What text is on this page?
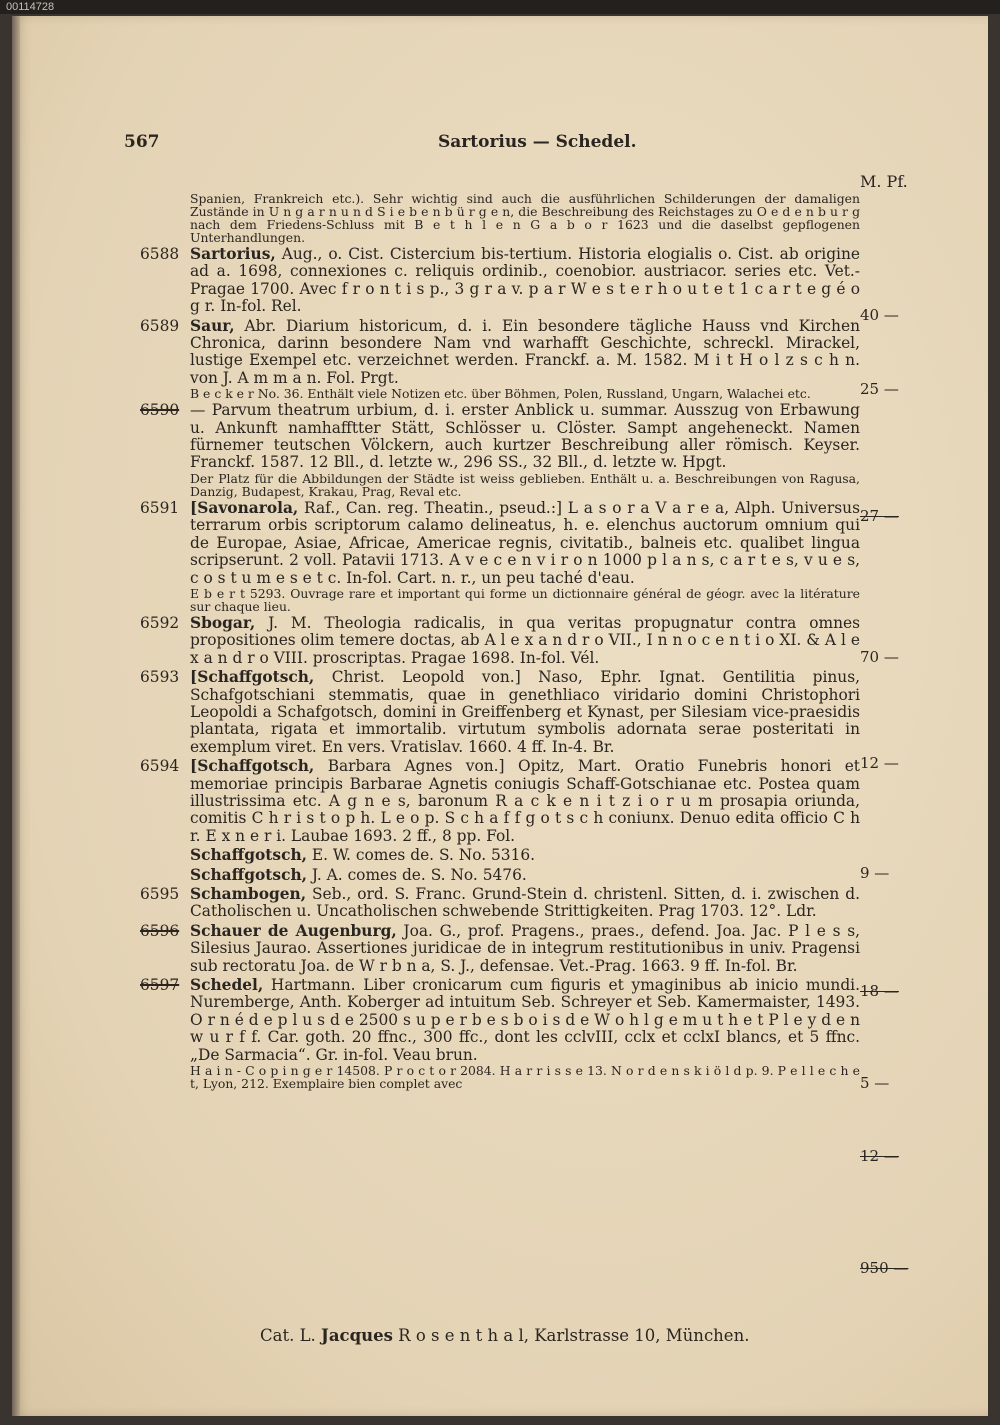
00114728
567	Sartorius — Schedel.
M. Pf.
Spanien, Frankreich etc.). Sehr wichtig sind auch die ausführlichen Schilderungen der damaligen Zustände in U n g a r n u n d S i e b e n b ü r g e n, die Beschreibung des Reichstages zu O e d e n b u r g nach dem Friedens-Schluss mit B e t h l e n G a b o r 1623 und die daselbst gepflogenen Unterhandlungen.
6588 Sartorius, Aug., o. Cist. Cistercium bis-tertium. Historia elogialis o. Cist. ab origine ad a. 1698, connexiones c. reliquis ordinib., coenobior. austriacor. series etc. Vet.-Pragae 1700. Avec f r o n t i s p., 3 g r a v. p a r W e s t e r h o u t e t 1 c a r t e g é o g r. In-fol. Rel.
6589 Saur, Abr. Diarium historicum, d. i. Ein besondere tägliche Hauss vnd Kirchen Chronica, darinn besondere Nam vnd warhafft Geschichte, schreckl. Mirackel, lustige Exempel etc. verzeichnet werden. Franckf. a. M. 1582. M i t H o l z s c h n. von J. A m m a n. Fol. Prgt.
B e c k e r No. 36. Enthält viele Notizen etc. über Böhmen, Polen, Russland, Ungarn, Walachei etc.
6590 — Parvum theatrum urbium, d. i. erster Anblick u. summar. Ausszug von Erbawung u. Ankunft namhafftter Stätt, Schlösser u. Clöster. Sampt angeheneckt. Namen fürnemer teutschen Völckern, auch kurtzer Beschreibung aller römisch. Keyser. Franckf. 1587. 12 Bll., d. letzte w., 296 SS., 32 Bll., d. letzte w. Hpgt.
Der Platz für die Abbildungen der Städte ist weiss geblieben. Enthält u. a. Beschreibungen von Ragusa, Danzig, Budapest, Krakau, Prag, Reval etc.
6591 [Savonarola, Raf., Can. reg. Theatin., pseud.:] L a s o r a V a r e a, Alph. Universus terrarum orbis scriptorum calamo delineatus, h. e. elenchus auctorum omnium qui de Europae, Asiae, Africae, Americae regnis, civitatib., balneis etc. qualibet lingua scripserunt. 2 voll. Patavii 1713. A v e c e n v i r o n 1000 p l a n s, c a r t e s, v u e s, c o s t u m e s e t c. In-fol. Cart. n. r., un peu taché d'eau.
E b e r t 5293. Ouvrage rare et important qui forme un dictionnaire général de géogr. avec la litérature sur chaque lieu.
6592 Sbogar, J. M. Theologia radicalis, in qua veritas propugnatur contra omnes propositiones olim temere doctas, ab A l e x a n d r o VII., I n n o c e n t i o XI. & A l e x a n d r o VIII. proscriptas. Pragae 1698. In-fol. Vél.
6593 [Schaffgotsch, Christ. Leopold von.] Naso, Ephr. Ignat. Gentilitia pinus, Schafgotschiani stemmatis, quae in genethliaco viridario domini Christophori Leopoldi a Schafgotsch, domini in Greiffenberg et Kynast, per Silesiam vice-praesidis plantata, rigata et immortalib. virtutum symbolis adornata serae posteritati in exemplum viret. En vers. Vratislav. 1660. 4 ff. In-4. Br.
6594 [Schaffgotsch, Barbara Agnes von.] Opitz, Mart. Oratio Funebris honori et memoriae principis Barbarae Agnetis coniugis Schaff-Gotschianae etc. Postea quam illustrissima etc. A g n e s, baronum R a c k e n i t z i o r u m prosapia oriunda, comitis C h r i s t o p h. L e o p. S c h a f f g o t s c h coniunx. Denuo edita officio C h r. E x n e r i. Laubae 1693. 2 ff., 8 pp. Fol.
Schaffgotsch, E. W. comes de. S. No. 5316.
Schaffgotsch, J. A. comes de. S. No. 5476.
6595 Schambogen, Seb., ord. S. Franc. Grund-Stein d. christenl. Sitten, d. i. zwischen d. Catholischen u. Uncatholischen schwebende Strittigkeiten. Prag 1703. 12°. Ldr.
6596 Schauer de Augenburg, Joa. G., prof. Pragens., praes., defend. Joa. Jac. P l e s s, Silesius Jaurao. Assertiones juridicae de in integrum restitutionibus in univ. Pragensi sub rectoratu Joa. de W r b n a, S. J., defensae. Vet.-Prag. 1663. 9 ff. In-fol. Br.
6597 Schedel, Hartmann. Liber cronicarum cum figuris et ymaginibus ab inicio mundi. Nuremberge, Anth. Koberger ad intuitum Seb. Schreyer et Seb. Kamermaister, 1493. O r n é d e p l u s d e 2500 s u p e r b e s b o i s d e W o h l g e m u t h e t P l e y d e n w u r f f. Car. goth. 20 ffnc., 300 ffc., dont les cclvIII, cclx et cclxI blancs, et 5 ffnc. „De Sarmacia“. Gr. in-fol. Veau brun.
H a i n - C o p i n g e r 14508. P r o c t o r 2084. H a r r i s s e 13. N o r d e n s k i ö l d p. 9. P e l l e c h e t, Lyon, 212. Exemplaire bien complet avec
40 —
25 —
27 —
70 —
12 —
9 —
18 —
5 —
12 —
950 —
Cat. L. Jacques R o s e n t h a l, Karlstrasse 10, München.
